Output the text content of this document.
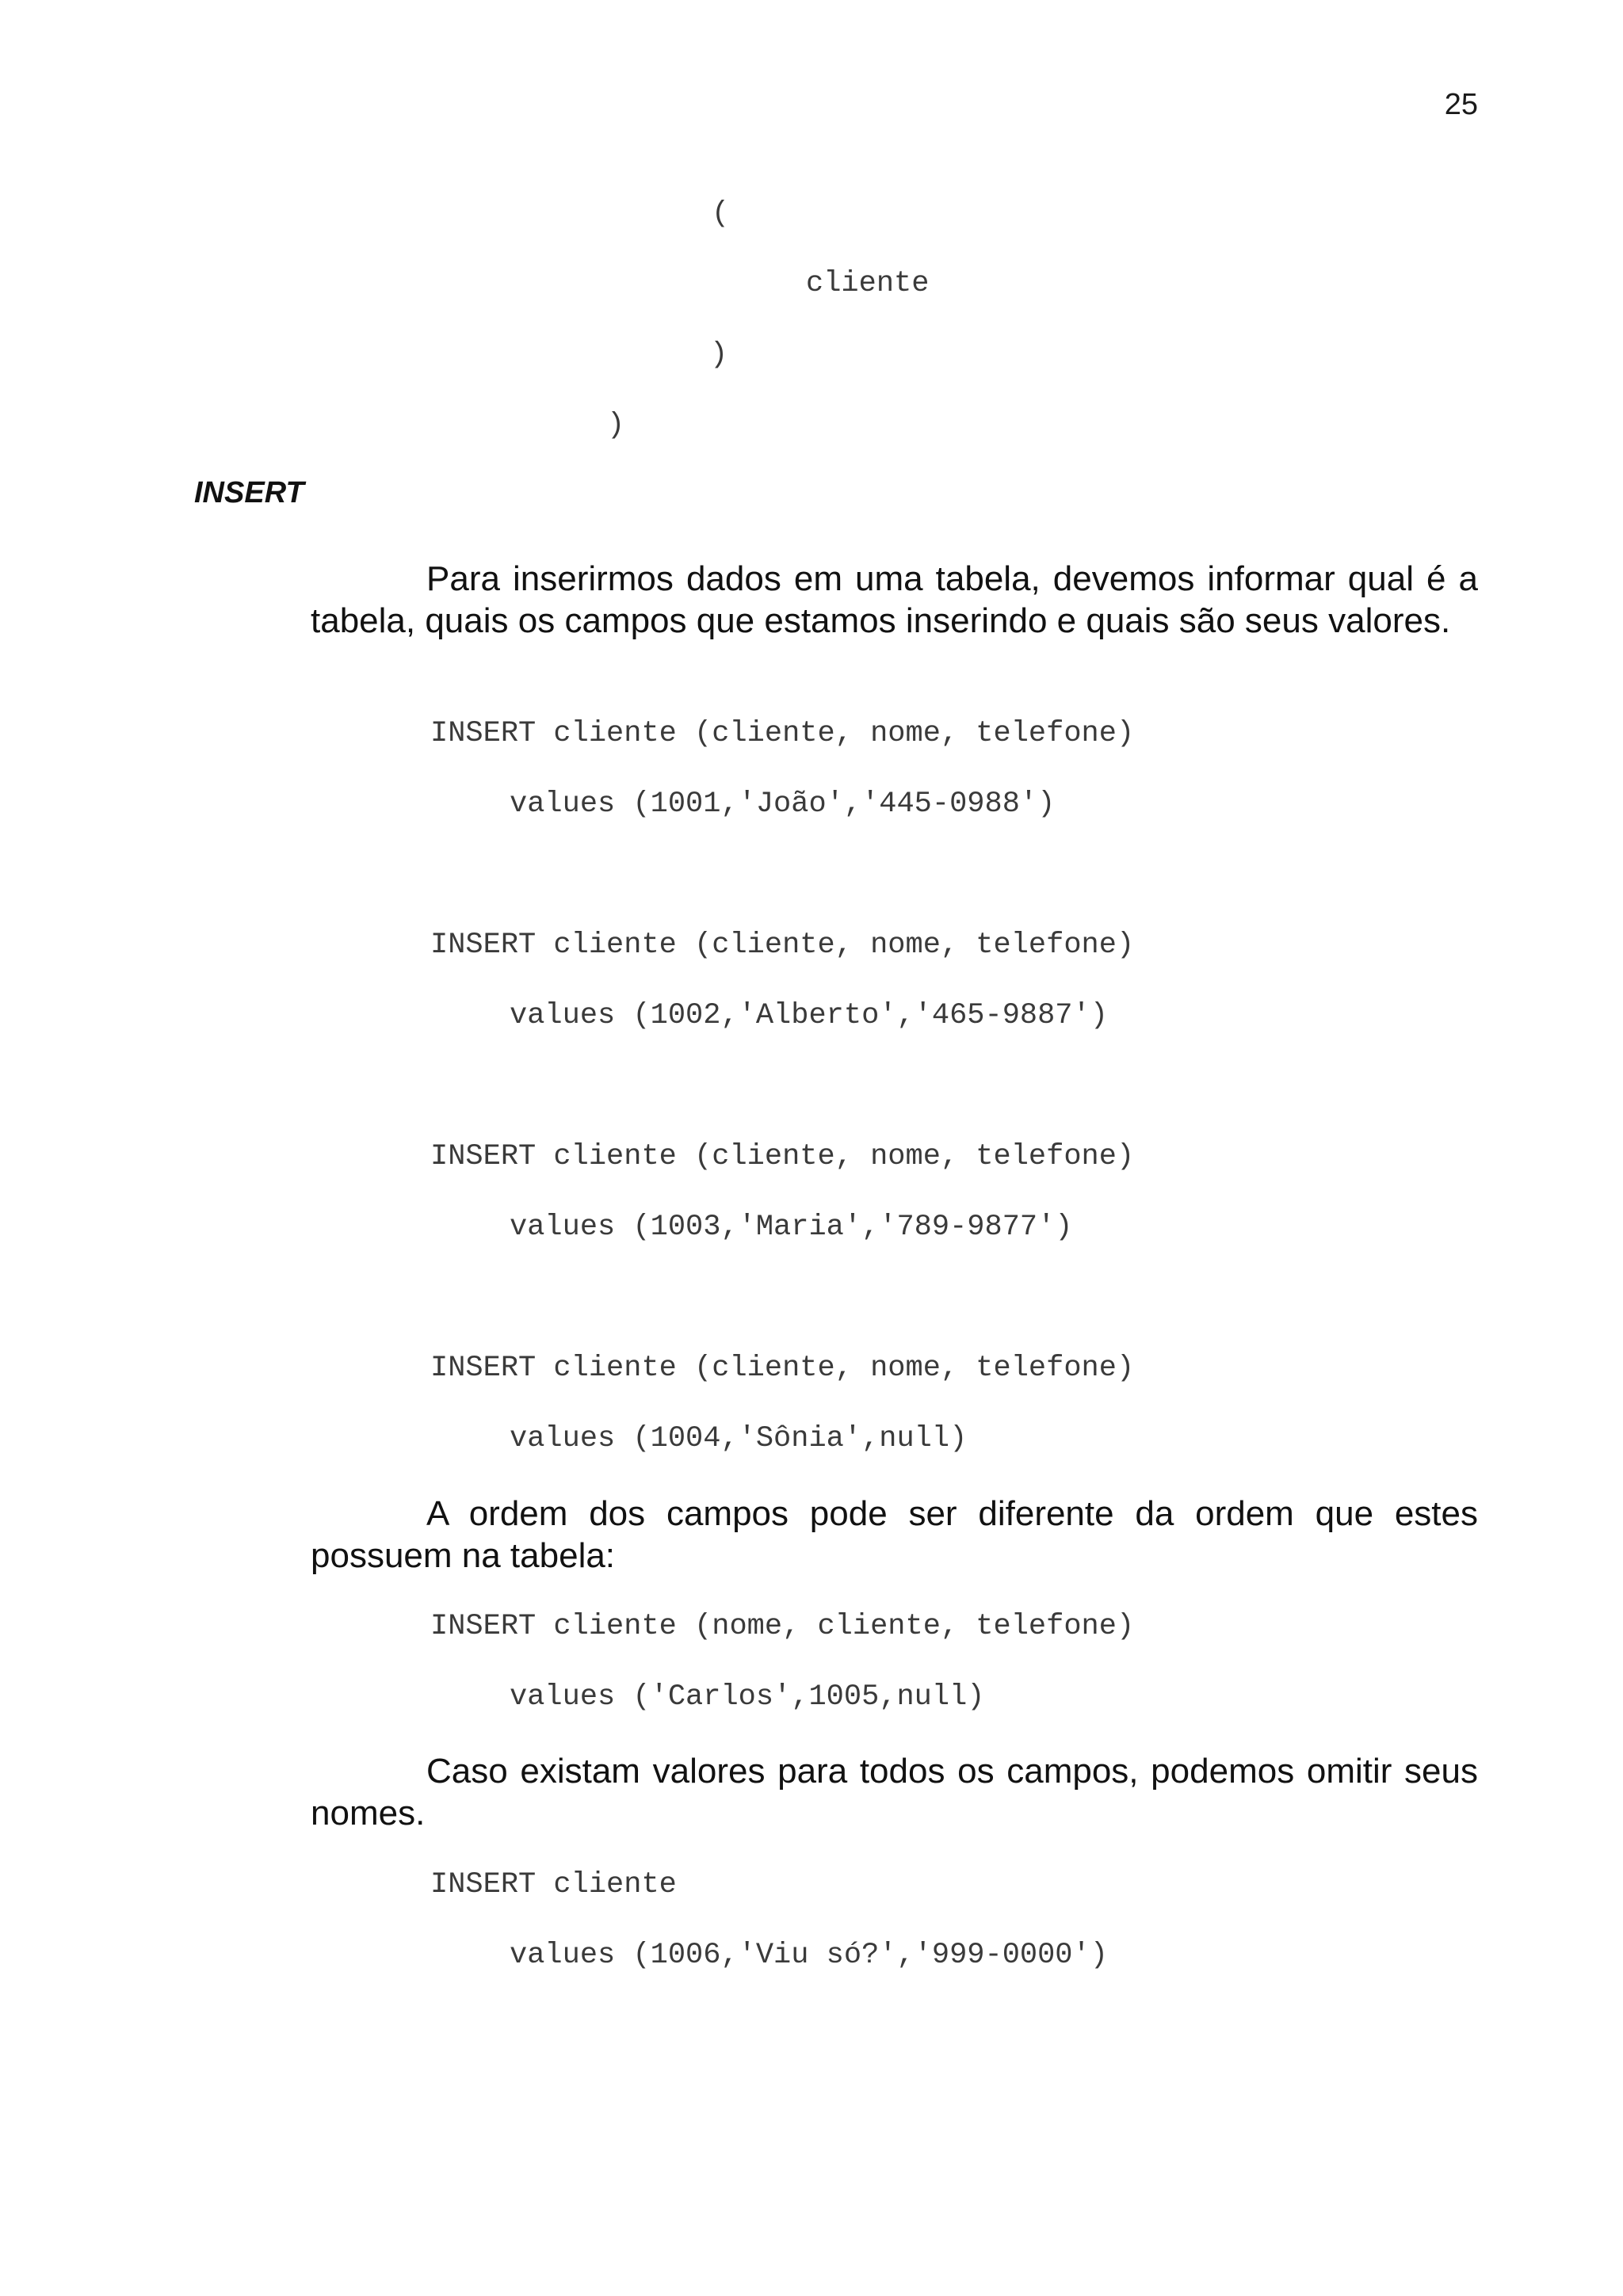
25
(
cliente
)
)
INSERT
Para inserirmos dados em uma tabela, devemos informar qual é a tabela, quais os campos que estamos inserindo e quais são seus valores.
INSERT cliente (cliente, nome, telefone)
values (1001,'João','445-0988')
INSERT cliente (cliente, nome, telefone)
values (1002,'Alberto','465-9887')
INSERT cliente (cliente, nome, telefone)
values (1003,'Maria','789-9877')
INSERT cliente (cliente, nome, telefone)
values (1004,'Sônia',null)
A ordem dos campos pode ser diferente da ordem que estes possuem na tabela:
INSERT cliente (nome, cliente, telefone)
values ('Carlos',1005,null)
Caso existam valores para todos os campos, podemos omitir seus nomes.
INSERT cliente
values (1006,'Viu só?','999-0000')
